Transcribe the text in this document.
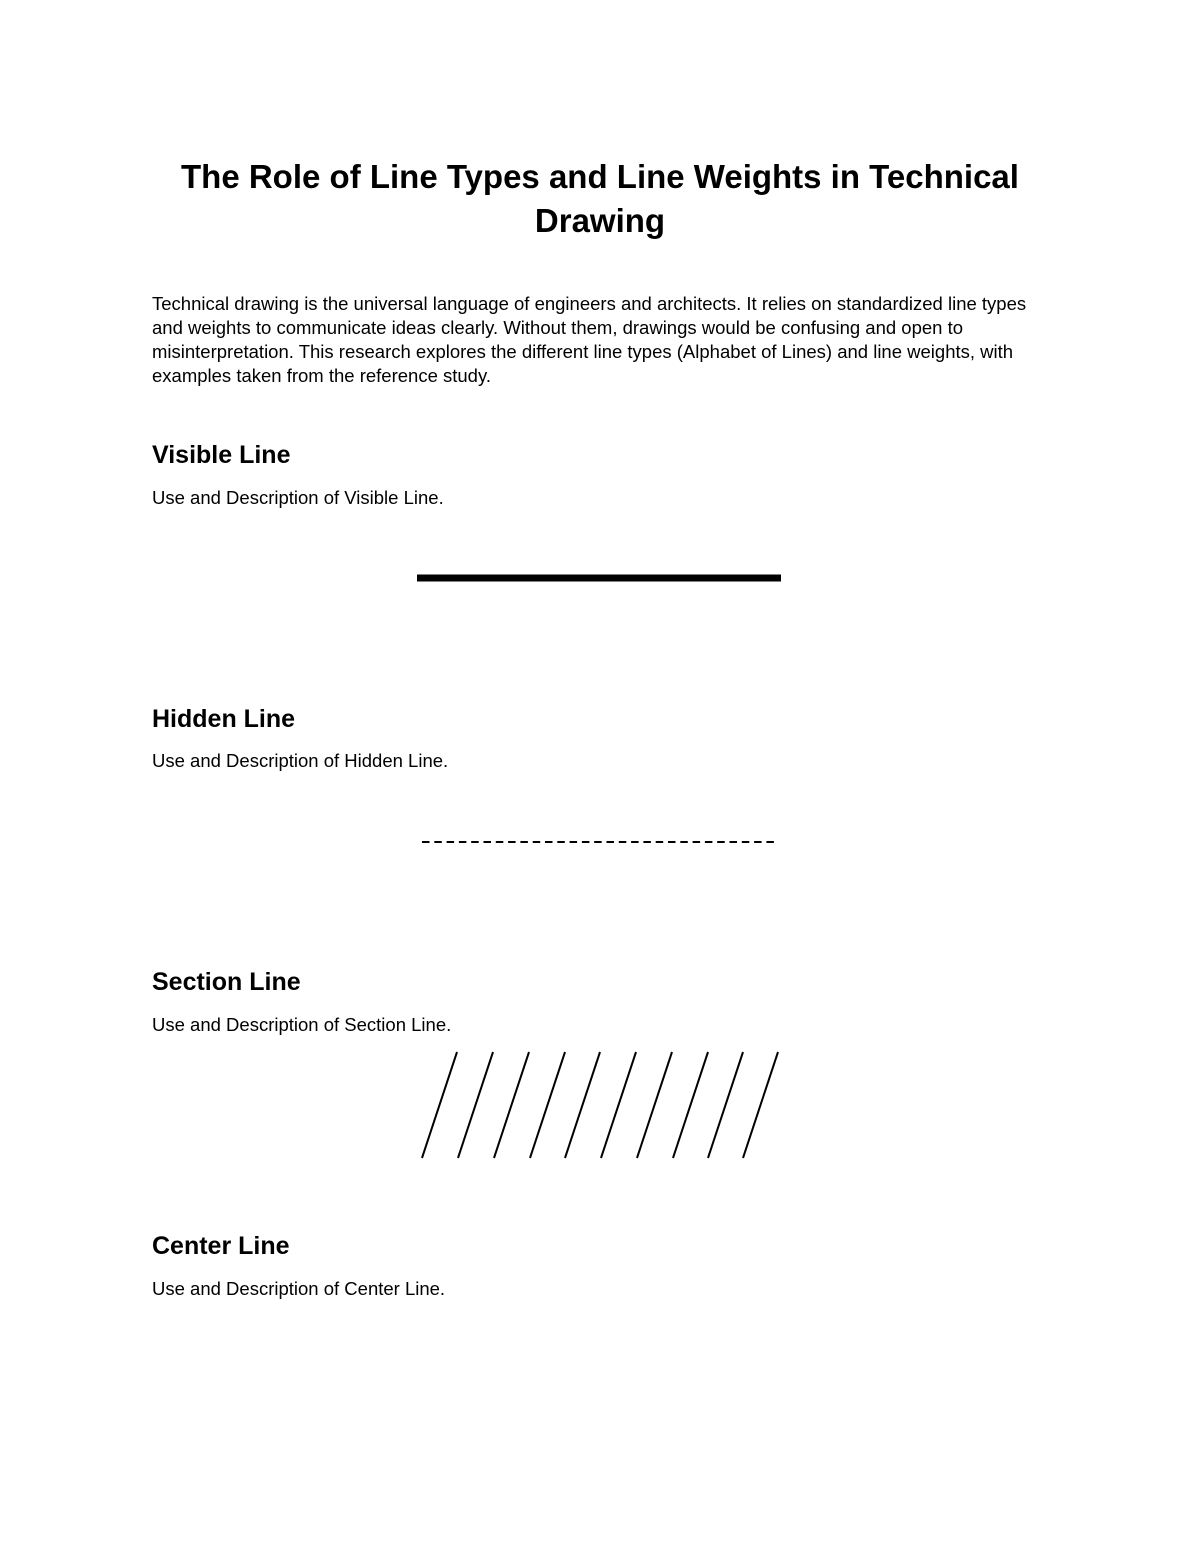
The Role of Line Types and Line Weights in Technical Drawing

Technical drawing is the universal language of engineers and architects. It relies on standardized line types and weights to communicate ideas clearly. Without them, drawings would be confusing and open to misinterpretation. This research explores the different line types (Alphabet of Lines) and line weights, with examples taken from the reference study.

Visible Line

Use and Description of Visible Line.

Hidden Line

Use and Description of Hidden Line.

Section Line

Use and Description of Section Line.

Center Line

Use and Description of Center Line.
